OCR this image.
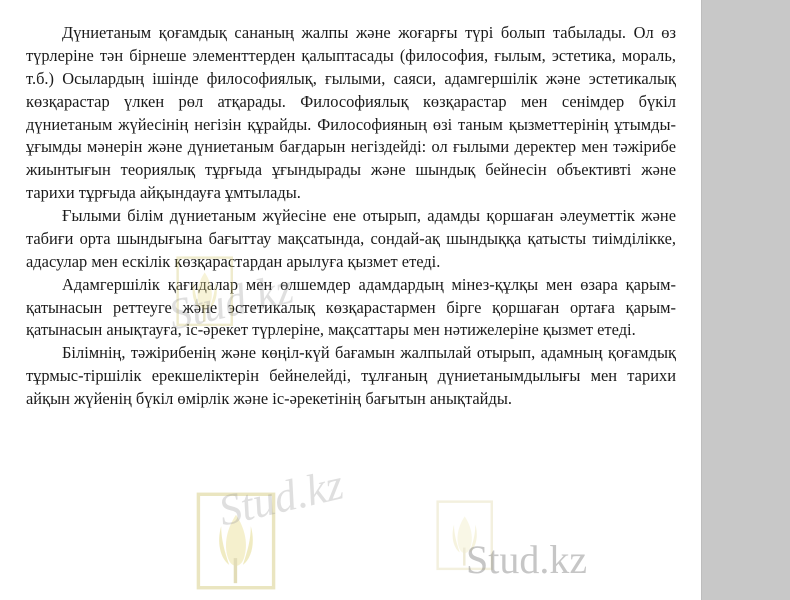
Дүниетаным қоғамдық сананың жалпы және жоғарғы түрі болып табылады. Ол өз түрлеріне тән бірнеше элементтерден қалыптасады (философия, ғылым, эстетика, мораль, т.б.) Осылардың ішінде философиялық, ғылыми, саяси, адамгершілік және эстетикалық көзқарастар үлкен рөл атқарады. Философиялық көзқарастар мен сенімдер бүкіл дүниетаным жүйесінің негізін құрайды. Философияның өзі таным қызметтерінің ұтымды-ұғымды мәнерін және дүниетаным бағдарын негіздейді: ол ғылыми деректер мен тәжірибе жиынтығын теориялық тұрғыда ұғындырады және шындық бейнесін объективті және тарихи тұрғыда айқындауға ұмтылады.

Ғылыми білім дүниетаным жүйесіне ене отырып, адамды қоршаған әлеуметтік және табиғи орта шындығына бағыттау мақсатында, сондай-ақ шындыққа қатысты тиімділікке, адасулар мен ескілік көзқарастардан арылуға қызмет етеді.

Адамгершілік қағидалар мен өлшемдер адамдардың мінез-құлқы мен өзара қарым-қатынасын реттеуге және эстетикалық көзқарастармен бірге қоршаған ортаға қарым-қатынасын анықтауға, іс-әрекет түрлеріне, мақсаттары мен нәтижелеріне қызмет етеді.

Білімнің, тәжірибенің және көңіл-күй бағамын жалпылай отырып, адамның қоғамдық тұрмыс-тіршілік ерекшеліктерін бейнелейді, тұлғаның дүниетанымдылығы мен тарихи айқын жүйенің бүкіл өмірлік және іс-әрекетінің бағытын анықтайды.

Stud.kz
Stud.kz
Stud.kz
